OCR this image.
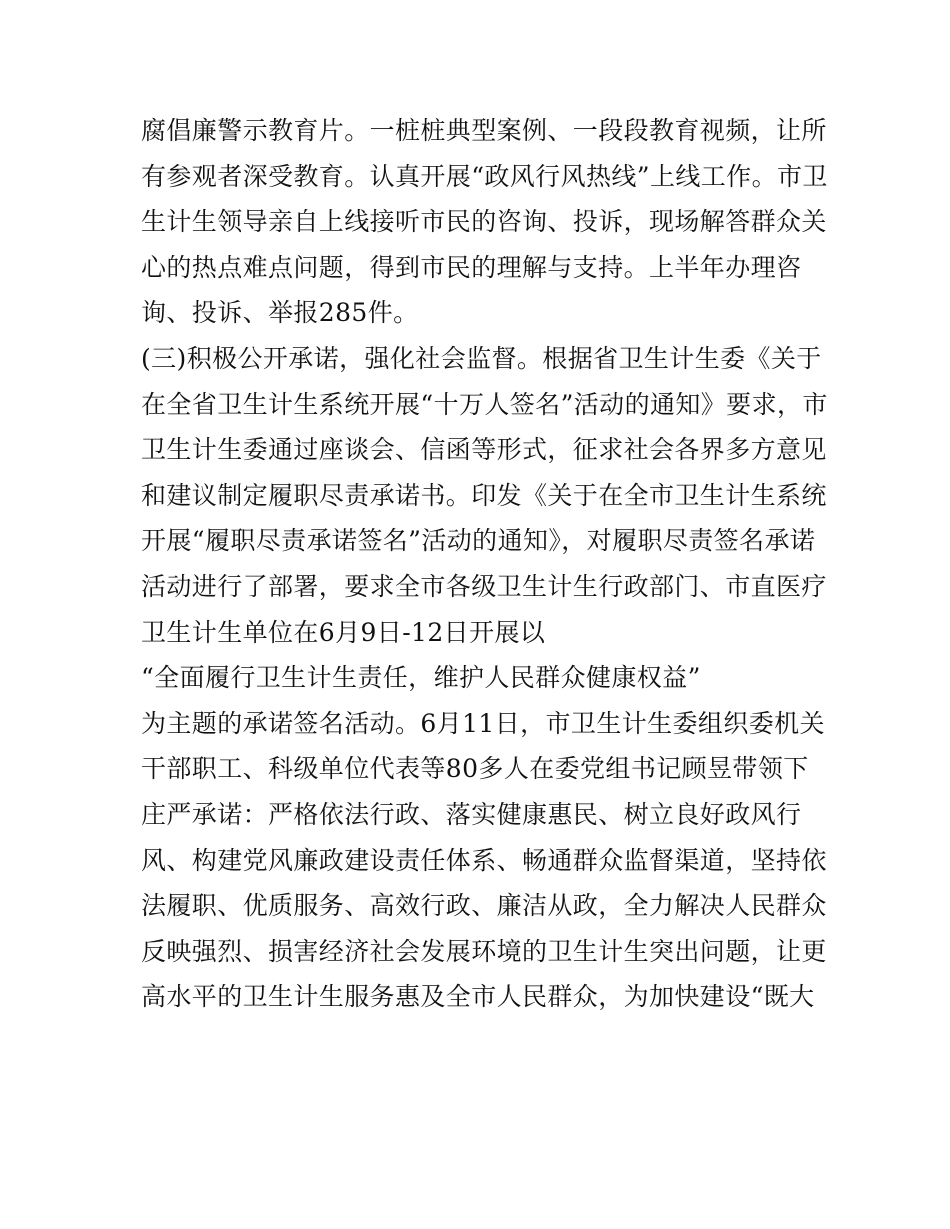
腐倡廉警示教育片。一桩桩典型案例、一段段教育视频，让所
有参观者深受教育。认真开展“政风行风热线”上线工作。市卫
生计生领导亲自上线接听市民的咨询、投诉，现场解答群众关
心的热点难点问题，得到市民的理解与支持。上半年办理咨
询、投诉、举报285件。
(三)积极公开承诺，强化社会监督。根据省卫生计生委《关于
在全省卫生计生系统开展“十万人签名”活动的通知》要求，市
卫生计生委通过座谈会、信函等形式，征求社会各界多方意见
和建议制定履职尽责承诺书。印发《关于在全市卫生计生系统
开展“履职尽责承诺签名”活动的通知》，对履职尽责签名承诺
活动进行了部署，要求全市各级卫生计生行政部门、市直医疗
卫生计生单位在6月9日-12日开展以
“全面履行卫生计生责任，维护人民群众健康权益”
为主题的承诺签名活动。6月11日，市卫生计生委组织委机关
干部职工、科级单位代表等80多人在委党组书记顾昱带领下
庄严承诺：严格依法行政、落实健康惠民、树立良好政风行
风、构建党风廉政建设责任体系、畅通群众监督渠道，坚持依
法履职、优质服务、高效行政、廉洁从政，全力解决人民群众
反映强烈、损害经济社会发展环境的卫生计生突出问题，让更
高水平的卫生计生服务惠及全市人民群众，为加快建设“既大
